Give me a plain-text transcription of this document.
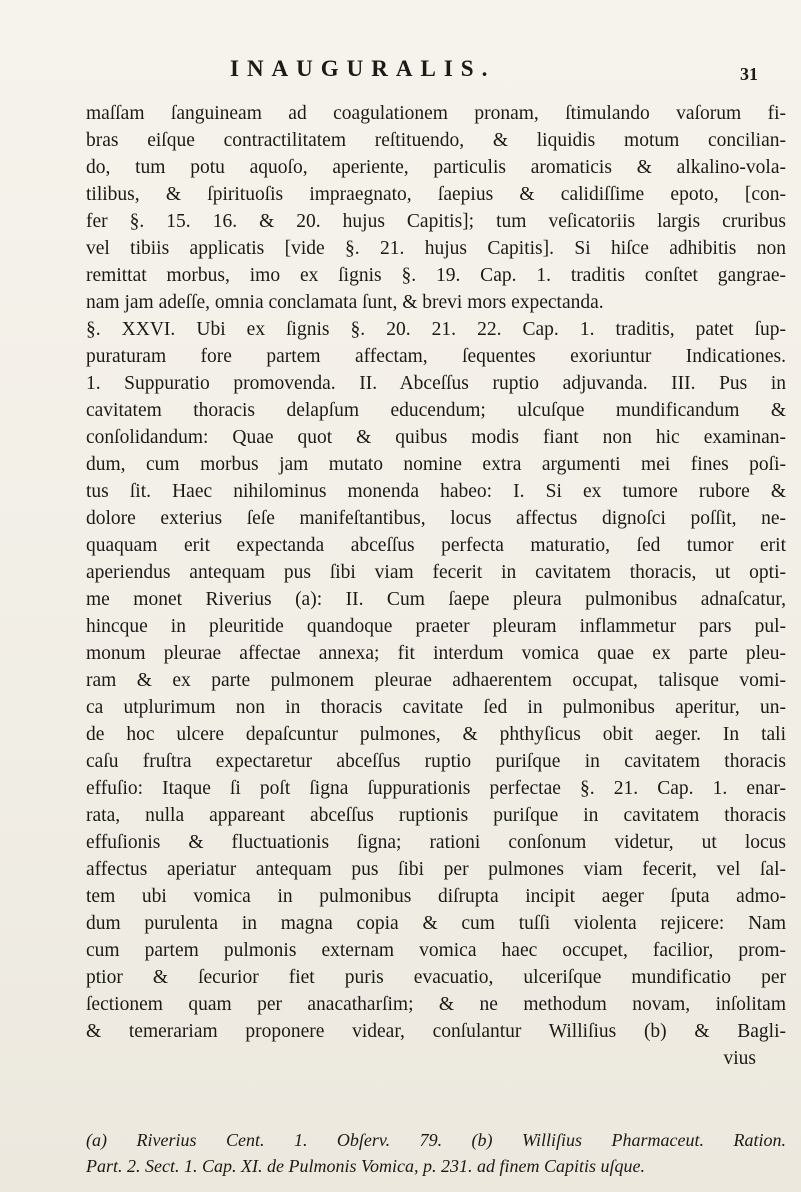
INAUGURALIS.	31
maſſam ſanguineam ad coagulationem pronam, ſtimulando vaſorum fi-
bras eiſque contractilitatem reſtituendo, & liquidis motum concilian-
do, tum potu aquoſo, aperiente, particulis aromaticis & alkalino-vola-
tilibus, & ſpirituoſis impraegnato, ſaepius & calidiſſime epoto, [con-
fer §. 15. 16. & 20. hujus Capitis]; tum veſicatoriis largis cruribus
vel tibiis applicatis [vide §. 21. hujus Capitis]. Si hiſce adhibitis non
remittat morbus, imo ex ſignis §. 19. Cap. 1. traditis conſtet gangrae-
nam jam adeſſe, omnia conclamata ſunt, & brevi mors expectanda.
§. XXVI. Ubi ex ſignis §. 20. 21. 22. Cap. 1. traditis, patet ſup-
puraturam fore partem affectam, ſequentes exoriuntur Indicationes.
1. Suppuratio promovenda. II. Abceſſus ruptio adjuvanda. III. Pus in
cavitatem thoracis delapſum educendum; ulcuſque mundificandum &
conſolidandum: Quae quot & quibus modis fiant non hic examinan-
dum, cum morbus jam mutato nomine extra argumenti mei fines poſi-
tus ſit. Haec nihilominus monenda habeo: I. Si ex tumore rubore &
dolore exterius ſeſe manifeſtantibus, locus affectus dignoſci poſſit, ne-
quaquam erit expectanda abceſſus perfecta maturatio, ſed tumor erit
aperiendus antequam pus ſibi viam fecerit in cavitatem thoracis, ut opti-
me monet Riverius (a): II. Cum ſaepe pleura pulmonibus adnaſcatur,
hincque in pleuritide quandoque praeter pleuram inflammetur pars pul-
monum pleurae affectae annexa; fit interdum vomica quae ex parte pleu-
ram & ex parte pulmonem pleurae adhaerentem occupat, talisque vomi-
ca utplurimum non in thoracis cavitate ſed in pulmonibus aperitur, un-
de hoc ulcere depaſcuntur pulmones, & phthyſicus obit aeger. In tali
caſu fruſtra expectaretur abceſſus ruptio puriſque in cavitatem thoracis
effuſio: Itaque ſi poſt ſigna ſuppurationis perfectae §. 21. Cap. 1. enar-
rata, nulla appareant abceſſus ruptionis puriſque in cavitatem thoracis
effuſionis & fluctuationis ſigna; rationi conſonum videtur, ut locus
affectus aperiatur antequam pus ſibi per pulmones viam fecerit, vel ſal-
tem ubi vomica in pulmonibus diſrupta incipit aeger ſputa admo-
dum purulenta in magna copia & cum tuſſi violenta rejicere: Nam
cum partem pulmonis externam vomica haec occupet, facilior, prom-
ptior & ſecurior fiet puris evacuatio, ulceriſque mundificatio per
ſectionem quam per anacatharſim; & ne methodum novam, inſolitam
& temerariam proponere videar, conſulantur Williſius (b) & Bagli-
vius
(a) Riverius Cent. 1. Obſerv. 79. (b) Williſius Pharmaceut. Ration.
Part. 2. Sect. 1. Cap. XI. de Pulmonis Vomica, p. 231. ad finem Capitis uſque.
